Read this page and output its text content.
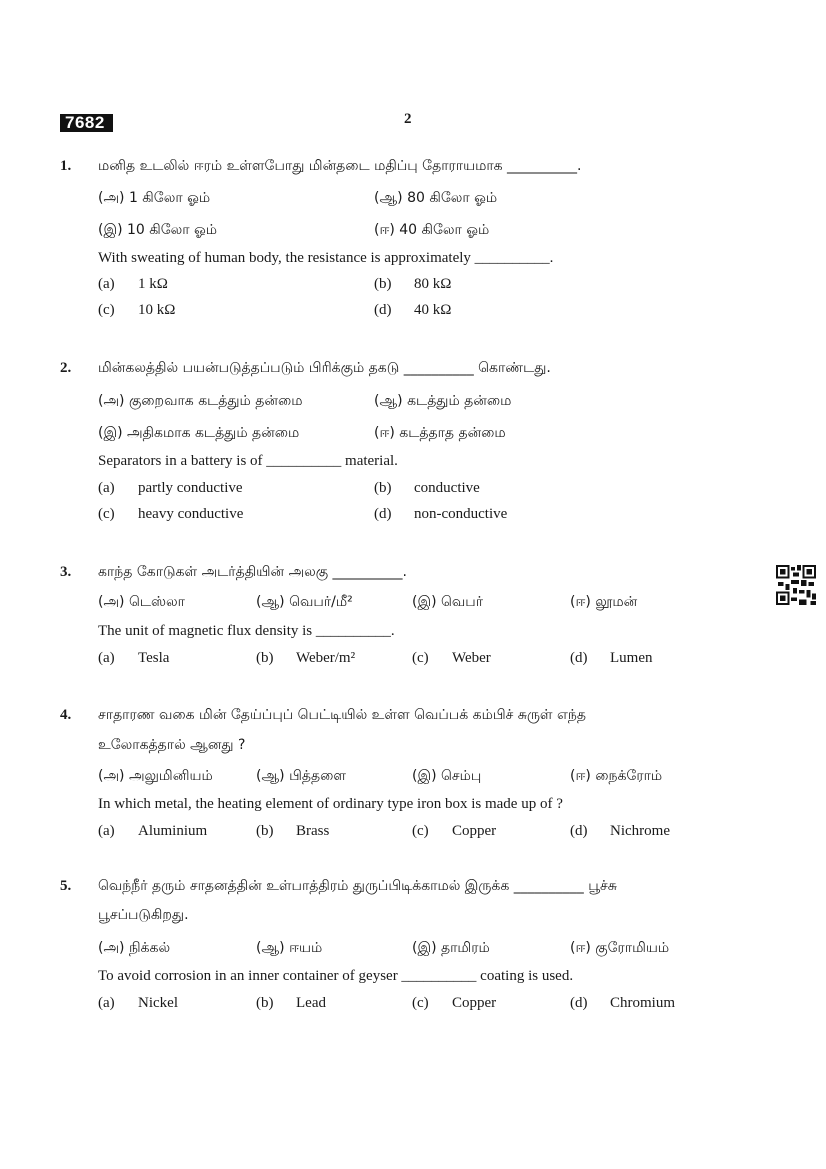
7682	2
1. மனித உடலில் ஈரம் உள்ளபோது மின்தடை மதிப்பு தோராயமாக __________.
(அ) 1 கிலோ ஓம்	(ஆ) 80 கிலோ ஓம்
(இ) 10 கிலோ ஓம்	(ஈ) 40 கிலோ ஓம்
With sweating of human body, the resistance is approximately __________.
(a) 1 kΩ	(b) 80 kΩ
(c) 10 kΩ	(d) 40 kΩ
2. மின்கலத்தில் பயன்படுத்தப்படும் பிரிக்கும் தகடு __________ கொண்டது.
(அ) குறைவாக கடத்தும் தன்மை	(ஆ) கடத்தும் தன்மை
(இ) அதிகமாக கடத்தும் தன்மை	(ஈ) கடத்தாத தன்மை
Separators in a battery is of __________ material.
(a) partly conductive	(b) conductive
(c) heavy conductive	(d) non-conductive
3. காந்த கோடுகள் அடர்த்தியின் அலகு __________.
(அ) டெஸ்லா	(ஆ) வெபர்/மீ²	(இ) வெபர்	(ஈ) லூமன்
The unit of magnetic flux density is __________.
(a) Tesla	(b) Weber/m²	(c) Weber	(d) Lumen
4. சாதாரண வகை மின் தேய்ப்புப் பெட்டியில் உள்ள வெப்பக் கம்பிச் சுருள் எந்த
உலோகத்தால் ஆனது ?
(அ) அலுமினியம்	(ஆ) பித்தளை	(இ) செம்பு	(ஈ) நைக்ரோம்
In which metal, the heating element of ordinary type iron box is made up of ?
(a) Aluminium	(b) Brass	(c) Copper	(d) Nichrome
5. வெந்நீர் தரும் சாதனத்தின் உள்பாத்திரம் துருப்பிடிக்காமல் இருக்க __________ பூச்சு
பூசப்படுகிறது.
(அ) நிக்கல்	(ஆ) ஈயம்	(இ) தாமிரம்	(ஈ) குரோமியம்
To avoid corrosion in an inner container of geyser __________ coating is used.
(a) Nickel	(b) Lead	(c) Copper	(d) Chromium
